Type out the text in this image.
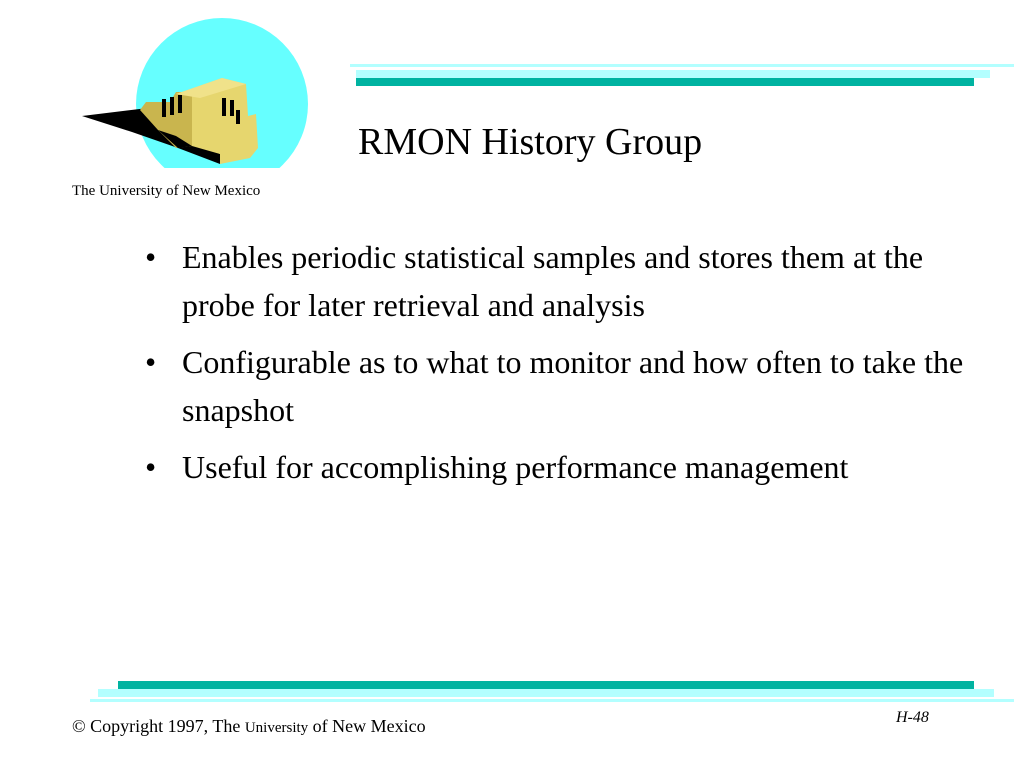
The University of New Mexico
RMON History Group
• Enables periodic statistical samples and stores them at the probe for later retrieval and analysis
• Configurable as to what to monitor and how often to take the snapshot
• Useful for accomplishing performance management
© Copyright 1997, The University of New Mexico	H-48
